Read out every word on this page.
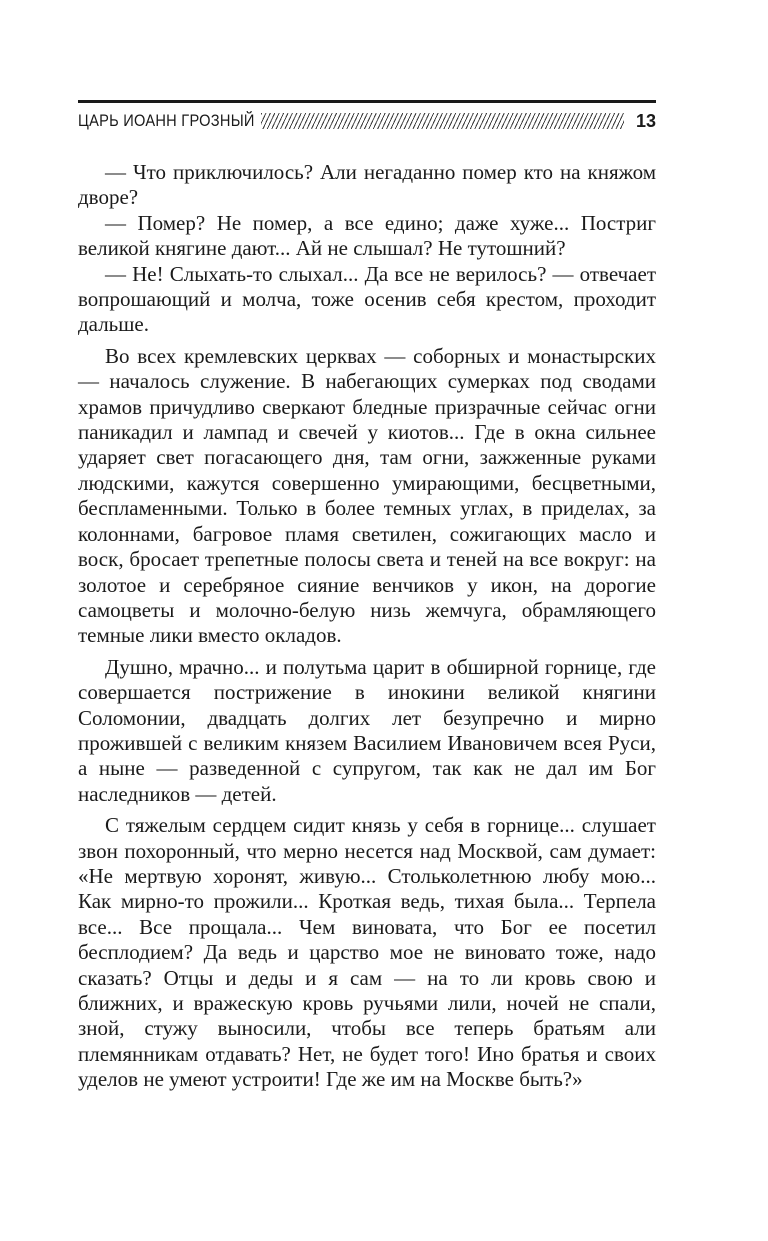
ЦАРЬ ИОАНН ГРОЗНЫЙ	13

— Что приключилось? Али негаданно помер кто на княжом дворе?

— Помер? Не помер, а все едино; даже хуже... Постриг великой княгине дают... Ай не слышал? Не тутошний?

— Не! Слыхать-то слыхал... Да все не верилось? — отвечает вопрошающий и молча, тоже осенив себя крестом, проходит дальше.

Во всех кремлевских церквах — соборных и монастырских — началось служение. В набегающих сумерках под сводами храмов причудливо сверкают бледные призрачные сейчас огни паникадил и лампад и свечей у киотов... Где в окна сильнее ударяет свет погасающего дня, там огни, зажженные руками людскими, кажутся совершенно умирающими, бесцветными, беспламенными. Только в более темных углах, в приделах, за колоннами, багровое пламя светилен, сожигающих масло и воск, бросает трепетные полосы света и теней на все вокруг: на золотое и серебряное сияние венчиков у икон, на дорогие самоцветы и молочно-белую низь жемчуга, обрамляющего темные лики вместо окладов.

Душно, мрачно... и полутьма царит в обширной горнице, где совершается пострижение в инокини великой княгини Соломонии, двадцать долгих лет безупречно и мирно прожившей с великим князем Василием Ивановичем всея Руси, а ныне — разведенной с супругом, так как не дал им Бог наследников — детей.

С тяжелым сердцем сидит князь у себя в горнице... слушает звон похоронный, что мерно несется над Москвой, сам думает: «Не мертвую хоронят, живую... Стольколетнюю любу мою... Как мирно-то прожили... Кроткая ведь, тихая была... Терпела все... Все прощала... Чем виновата, что Бог ее посетил бесплодием? Да ведь и царство мое не виновато тоже, надо сказать? Отцы и деды и я сам — на то ли кровь свою и ближних, и вражескую кровь ручьями лили, ночей не спали, зной, стужу выносили, чтобы все теперь братьям али племянникам отдавать? Нет, не будет того! Ино братья и своих уделов не умеют устроити! Где же им на Москве быть?»
